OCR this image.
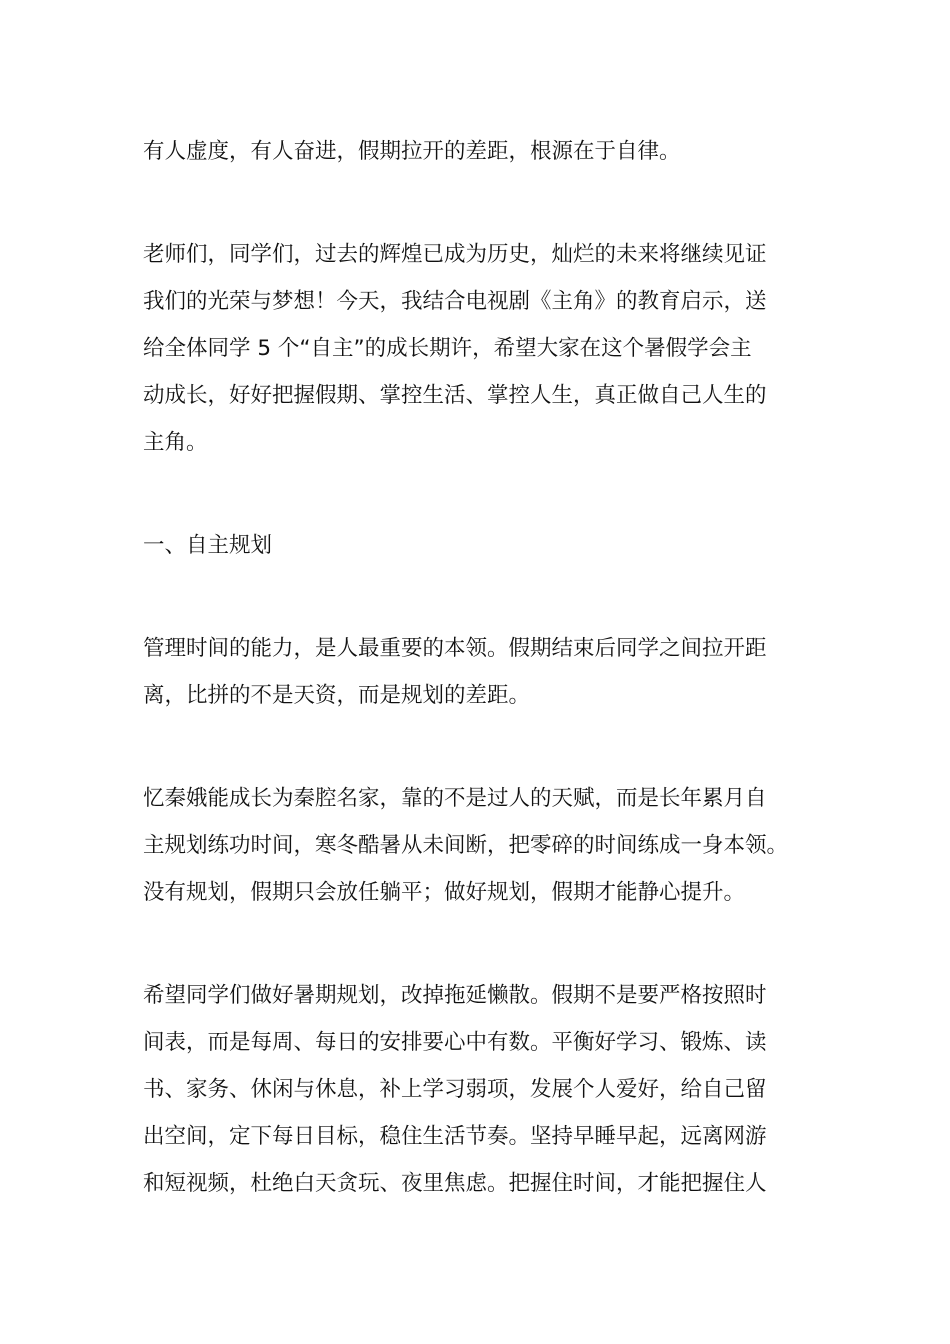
有人虚度，有人奋进，假期拉开的差距，根源在于自律。
老师们，同学们，过去的辉煌已成为历史，灿烂的未来将继续见证
我们的光荣与梦想！今天，我结合电视剧《主角》的教育启示，送
给全体同学 5 个“自主”的成长期许，希望大家在这个暑假学会主
动成长，好好把握假期、掌控生活、掌控人生，真正做自己人生的
主角。
一、自主规划
管理时间的能力，是人最重要的本领。假期结束后同学之间拉开距
离，比拼的不是天资，而是规划的差距。
忆秦娥能成长为秦腔名家，靠的不是过人的天赋，而是长年累月自
主规划练功时间，寒冬酷暑从未间断，把零碎的时间练成一身本领。
没有规划，假期只会放任躺平；做好规划，假期才能静心提升。
希望同学们做好暑期规划，改掉拖延懒散。假期不是要严格按照时
间表，而是每周、每日的安排要心中有数。平衡好学习、锻炼、读
书、家务、休闲与休息，补上学习弱项，发展个人爱好，给自己留
出空间，定下每日目标，稳住生活节奏。坚持早睡早起，远离网游
和短视频，杜绝白天贪玩、夜里焦虑。把握住时间，才能把握住人
